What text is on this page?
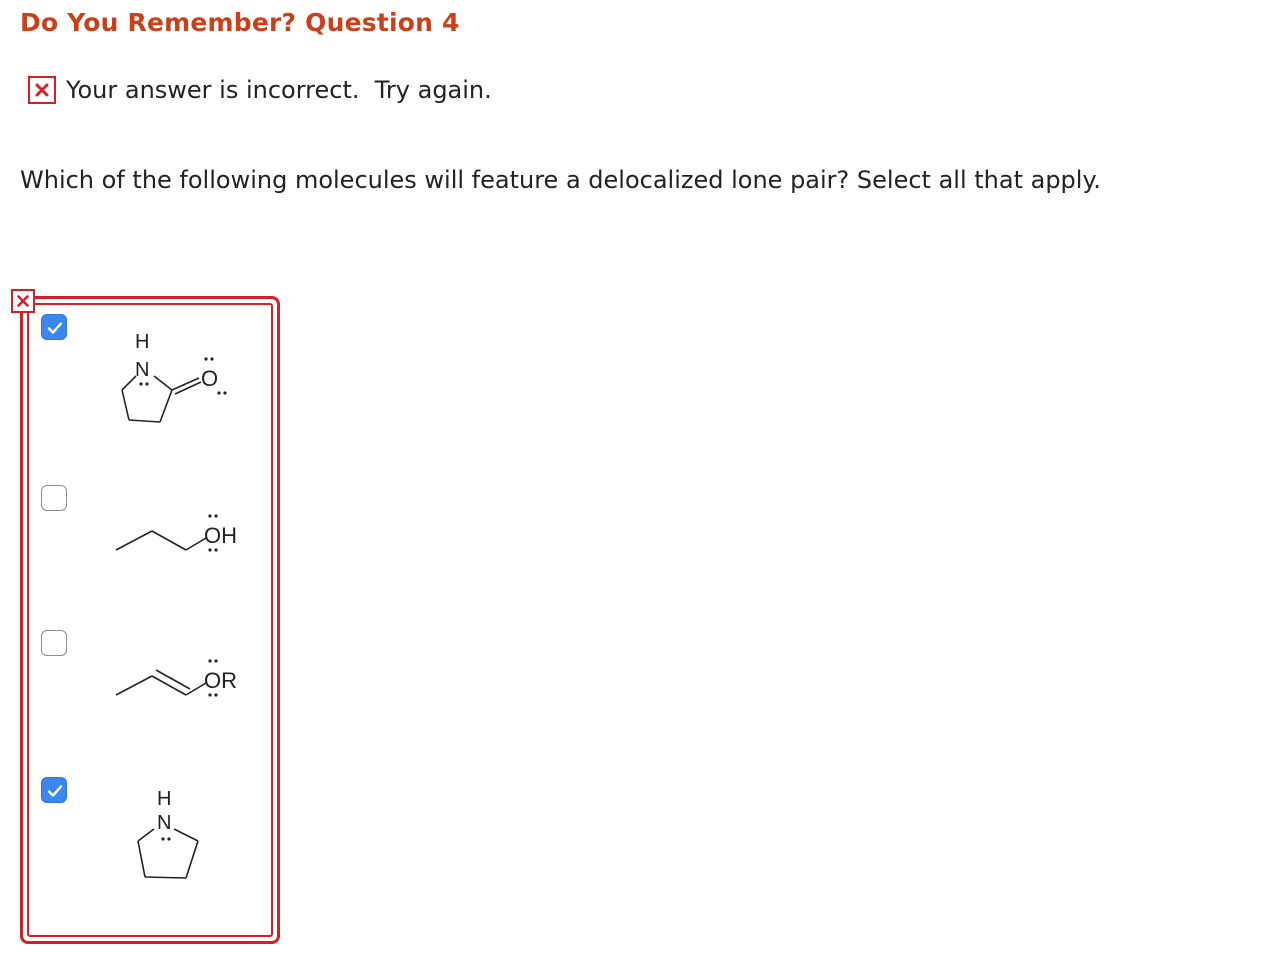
Do You Remember? Question 4
Your answer is incorrect.  Try again.
Which of the following molecules will feature a delocalized lone pair? Select all that apply.
H
N O
OH
OR
H
N
